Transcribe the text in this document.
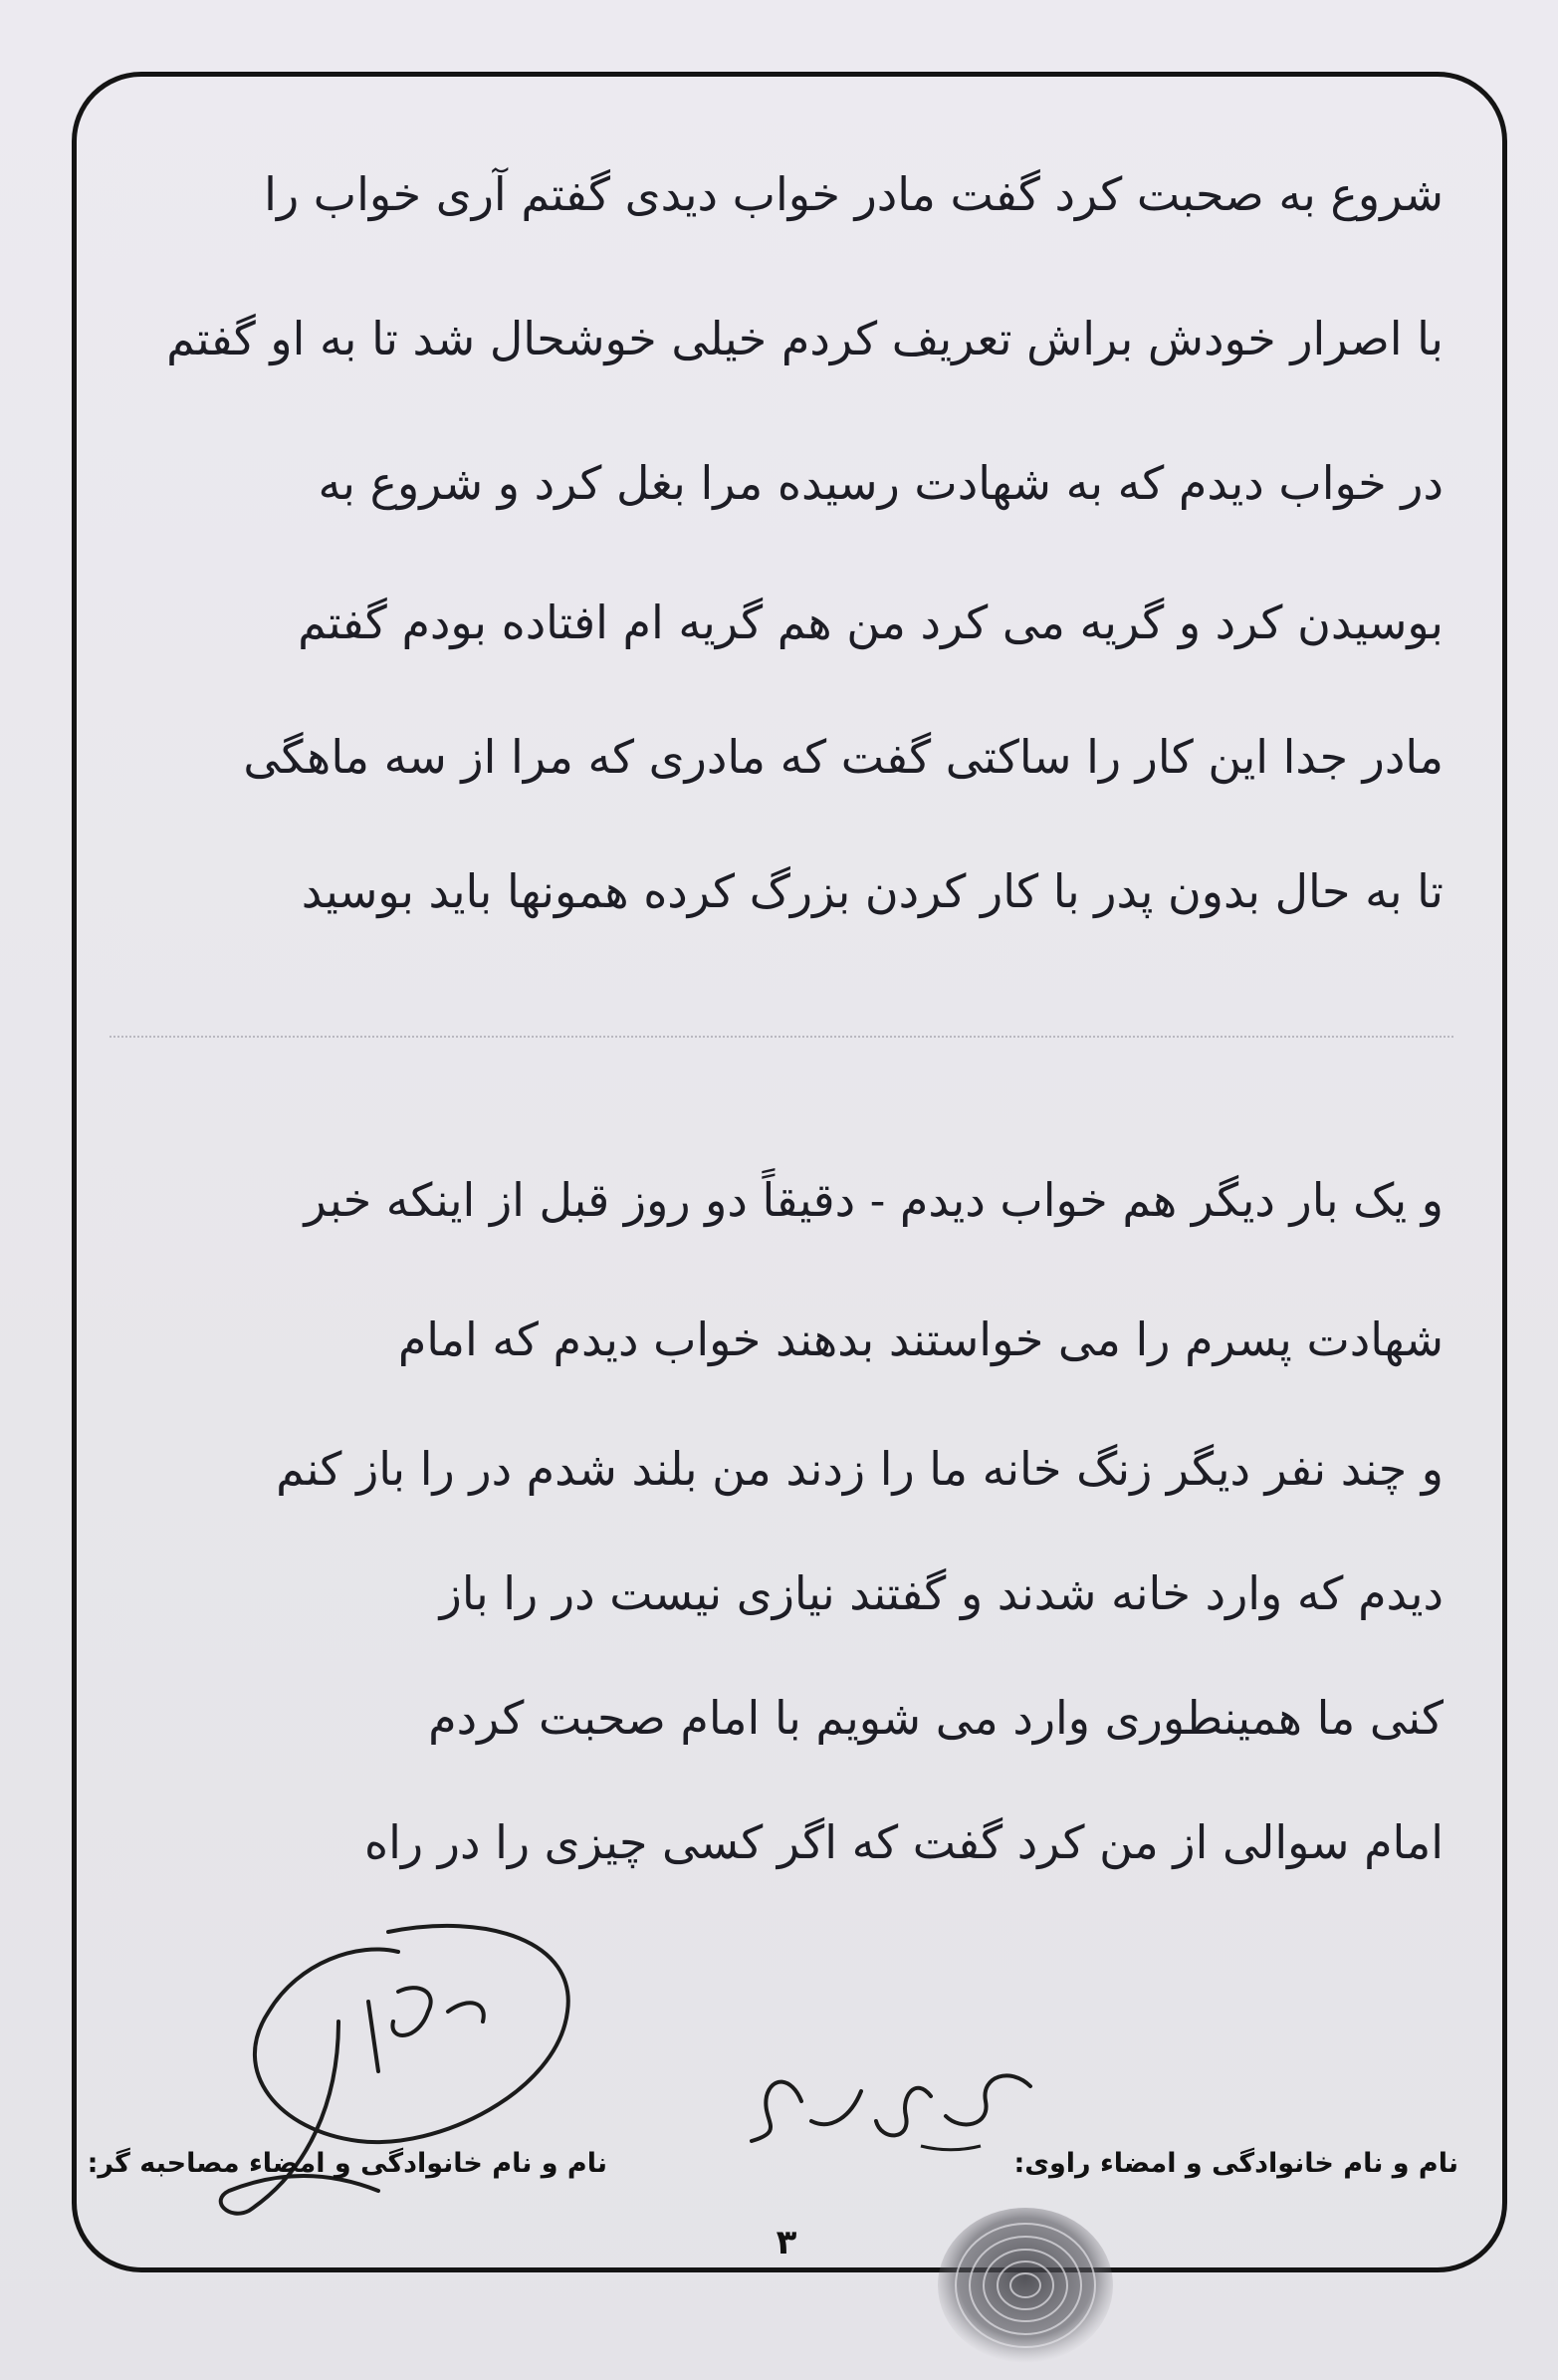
شروع به صحبت کرد گفت مادر خواب دیدی گفتم آری خواب را
با اصرار خودش براش تعریف کردم خیلی خوشحال شد تا به او گفتم
در خواب دیدم که به شهادت رسیده مرا بغل کرد و شروع به
بوسیدن کرد و گریه می کرد من هم گریه ام افتاده بودم گفتم
مادر جدا این کار را ساکتی گفت که مادری که مرا از سه ماهگی
تا به حال بدون پدر با کار کردن بزرگ کرده همونها باید بوسید
و یک بار دیگر هم خواب دیدم - دقیقاً دو روز قبل از اینکه خبر
شهادت پسرم را می خواستند بدهند خواب دیدم که امام
و چند نفر دیگر زنگ خانه ما را زدند من بلند شدم در را باز کنم
دیدم که وارد خانه شدند و گفتند نیازی نیست در را باز
کنی ما همینطوری وارد می شویم با امام صحبت کردم
امام سوالی از من کرد گفت که اگر کسی چیزی را در راه
نام و نام خانوادگی و امضاء راوی:
نام و نام خانوادگی و امضاء مصاحبه گر:
۳
